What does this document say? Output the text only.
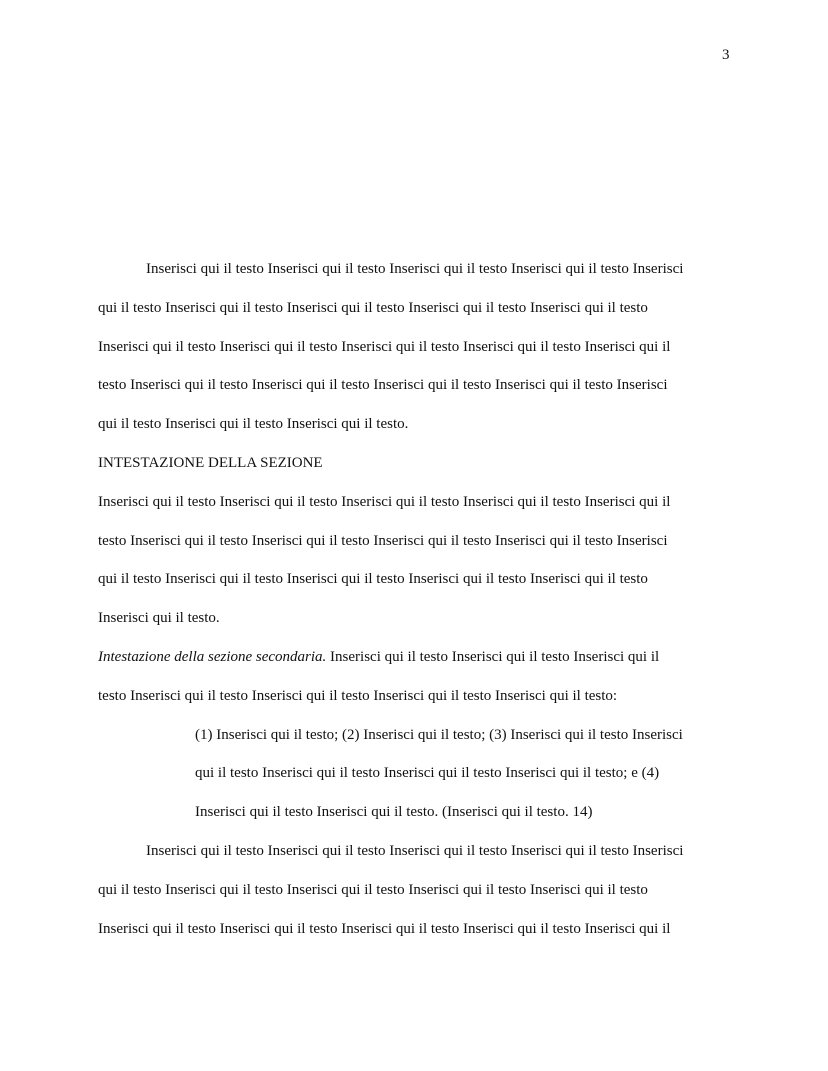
3
Inserisci qui il testo Inserisci qui il testo Inserisci qui il testo Inserisci qui il testo Inserisci
qui il testo Inserisci qui il testo Inserisci qui il testo Inserisci qui il testo Inserisci qui il testo
Inserisci qui il testo Inserisci qui il testo Inserisci qui il testo Inserisci qui il testo Inserisci qui il
testo Inserisci qui il testo Inserisci qui il testo Inserisci qui il testo Inserisci qui il testo Inserisci
qui il testo Inserisci qui il testo Inserisci qui il testo.
INTESTAZIONE DELLA SEZIONE
Inserisci qui il testo Inserisci qui il testo Inserisci qui il testo Inserisci qui il testo Inserisci qui il
testo Inserisci qui il testo Inserisci qui il testo Inserisci qui il testo Inserisci qui il testo Inserisci
qui il testo Inserisci qui il testo Inserisci qui il testo Inserisci qui il testo Inserisci qui il testo
Inserisci qui il testo.
Intestazione della sezione secondaria. Inserisci qui il testo Inserisci qui il testo Inserisci qui il
testo Inserisci qui il testo Inserisci qui il testo Inserisci qui il testo Inserisci qui il testo:
(1) Inserisci qui il testo; (2) Inserisci qui il testo; (3) Inserisci qui il testo Inserisci
qui il testo Inserisci qui il testo Inserisci qui il testo Inserisci qui il testo; e (4)
Inserisci qui il testo Inserisci qui il testo. (Inserisci qui il testo. 14)
Inserisci qui il testo Inserisci qui il testo Inserisci qui il testo Inserisci qui il testo Inserisci
qui il testo Inserisci qui il testo Inserisci qui il testo Inserisci qui il testo Inserisci qui il testo
Inserisci qui il testo Inserisci qui il testo Inserisci qui il testo Inserisci qui il testo Inserisci qui il
